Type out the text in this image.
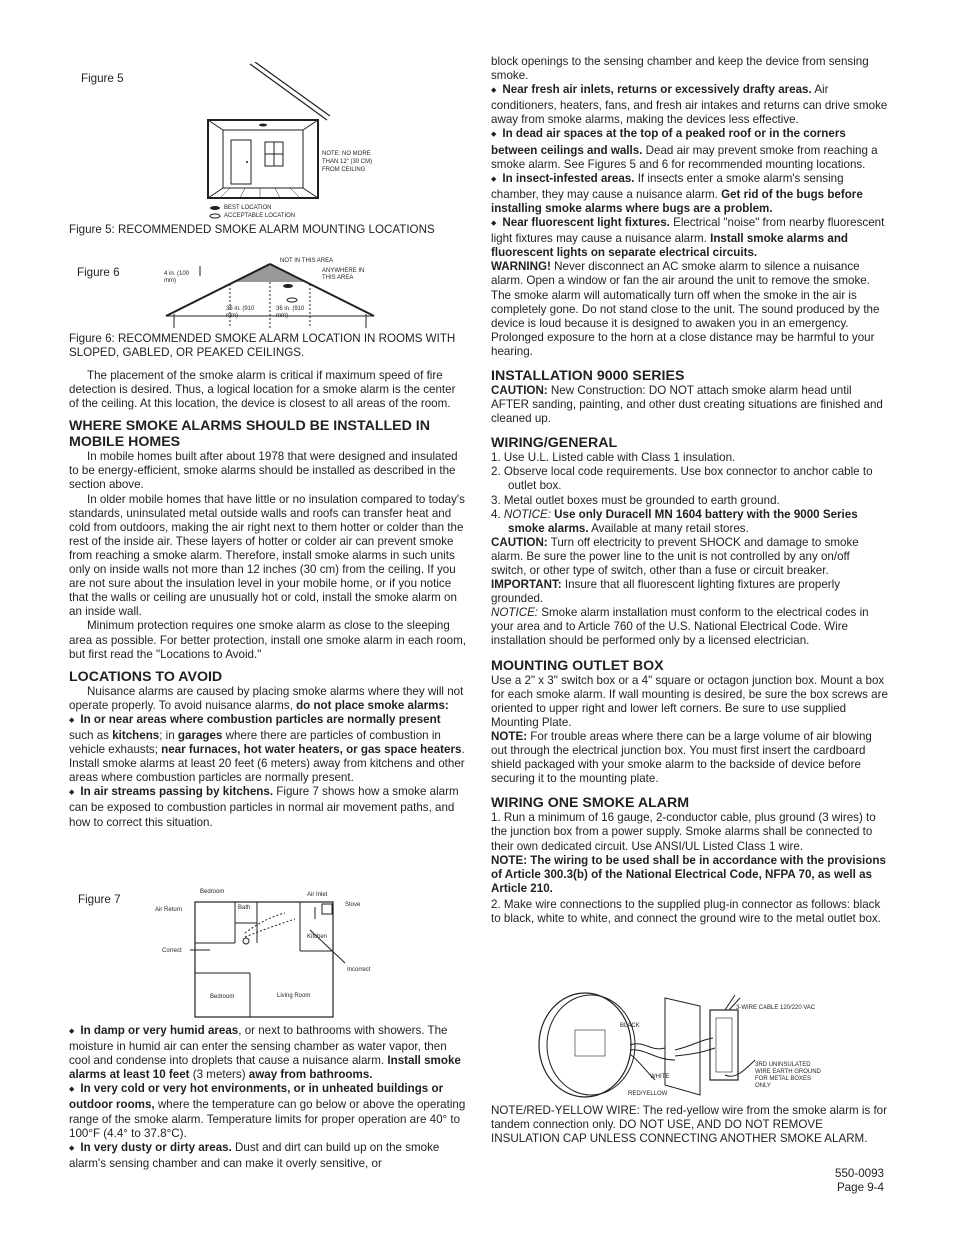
Figure 5
NOTE: NO MORE THAN 12" (30 CM) FROM CEILING
BEST LOCATION
ACCEPTABLE LOCATION
Figure 5: RECOMMENDED SMOKE ALARM MOUNTING LOCATIONS
Figure 6
NOT IN THIS AREA
ANYWHERE IN THIS AREA
4 in. (100 mm)
36 in. (910 mm)
36 in. (910 mm)
Figure 6: RECOMMENDED SMOKE ALARM LOCATION IN ROOMS WITH SLOPED, GABLED, OR PEAKED CEILINGS.

The placement of the smoke alarm is critical if maximum speed of fire detection is desired. Thus, a logical location for a smoke alarm is the center of the ceiling. At this location, the device is closest to all areas of the room.

WHERE SMOKE ALARMS SHOULD BE INSTALLED IN MOBILE HOMES

In mobile homes built after about 1978 that were designed and insulated to be energy-efficient, smoke alarms should be installed as described in the section above.

In older mobile homes that have little or no insulation compared to today's standards, uninsulated metal outside walls and roofs can transfer heat and cold from outdoors, making the air right next to them hotter or colder than the rest of the inside air. These layers of hotter or colder air can prevent smoke from reaching a smoke alarm. Therefore, install smoke alarms in such units only on inside walls not more than 12 inches (30 cm) from the ceiling. If you are not sure about the insulation level in your mobile home, or if you notice that the walls or ceiling are unusually hot or cold, install the smoke alarm on an inside wall.

Minimum protection requires one smoke alarm as close to the sleeping area as possible. For better protection, install one smoke alarm in each room, but first read the "Locations to Avoid."

LOCATIONS TO AVOID

Nuisance alarms are caused by placing smoke alarms where they will not operate properly. To avoid nuisance alarms, do not place smoke alarms:

◆ In or near areas where combustion particles are normally present such as kitchens; in garages where there are particles of combustion in vehicle exhausts; near furnaces, hot water heaters, or gas space heaters. Install smoke alarms at least 20 feet (6 meters) away from kitchens and other areas where combustion particles are normally present.

◆ In air streams passing by kitchens. Figure 7 shows how a smoke alarm can be exposed to combustion particles in normal air movement paths, and how to correct this situation.

Figure 7
Bedroom
Bath
Air Return
Air Inlet
Stove
Kitchen
Correct
Incorrect
Bedroom	Living Room

◆ In damp or very humid areas, or next to bathrooms with showers. The moisture in humid air can enter the sensing chamber as water vapor, then cool and condense into droplets that cause a nuisance alarm. Install smoke alarms at least 10 feet (3 meters) away from bathrooms.

◆ In very cold or very hot environments, or in unheated buildings or outdoor rooms, where the temperature can go below or above the operating range of the smoke alarm. Temperature limits for proper operation are 40° to 100°F (4.4° to 37.8°C).

◆ In very dusty or dirty areas. Dust and dirt can build up on the smoke alarm's sensing chamber and can make it overly sensitive, or

block openings to the sensing chamber and keep the device from sensing smoke.

◆ Near fresh air inlets, returns or excessively drafty areas. Air conditioners, heaters, fans, and fresh air intakes and returns can drive smoke away from smoke alarms, making the devices less effective.

◆ In dead air spaces at the top of a peaked roof or in the corners between ceilings and walls. Dead air may prevent smoke from reaching a smoke alarm. See Figures 5 and 6 for recommended mounting locations.

◆ In insect-infested areas. If insects enter a smoke alarm's sensing chamber, they may cause a nuisance alarm. Get rid of the bugs before installing smoke alarms where bugs are a problem.

◆ Near fluorescent light fixtures. Electrical "noise" from nearby fluorescent light fixtures may cause a nuisance alarm. Install smoke alarms and fluorescent lights on separate electrical circuits.

WARNING! Never disconnect an AC smoke alarm to silence a nuisance alarm. Open a window or fan the air around the unit to remove the smoke. The smoke alarm will automatically turn off when the smoke in the air is completely gone. Do not stand close to the unit. The sound produced by the device is loud because it is designed to awaken you in an emergency. Prolonged exposure to the horn at a close distance may be harmful to your hearing.

INSTALLATION 9000 SERIES

CAUTION: New Construction: DO NOT attach smoke alarm head until AFTER sanding, painting, and other dust creating situations are finished and cleaned up.

WIRING/GENERAL
1. Use U.L. Listed cable with Class 1 insulation.
2. Observe local code requirements. Use box connector to anchor cable to outlet box.
3. Metal outlet boxes must be grounded to earth ground.
4. NOTICE: Use only Duracell MN 1604 battery with the 9000 Series smoke alarms. Available at many retail stores.

CAUTION: Turn off electricity to prevent SHOCK and damage to smoke alarm. Be sure the power line to the unit is not controlled by any on/off switch, or other type of switch, other than a fuse or circuit breaker.

IMPORTANT: Insure that all fluorescent lighting fixtures are properly grounded.

NOTICE: Smoke alarm installation must conform to the electrical codes in your area and to Article 760 of the U.S. National Electrical Code. Wire installation should be performed only by a licensed electrician.

MOUNTING OUTLET BOX

Use a 2" x 3" switch box or a 4" square or octagon junction box. Mount a box for each smoke alarm. If wall mounting is desired, be sure the box screws are oriented to upper right and lower left corners. Be sure to use supplied Mounting Plate.

NOTE: For trouble areas where there can be a large volume of air blowing out through the electrical junction box. You must first insert the cardboard shield packaged with your smoke alarm to the backside of device before securing it to the mounting plate.

WIRING ONE SMOKE ALARM

1. Run a minimum of 16 gauge, 2-conductor cable, plus ground (3 wires) to the junction box from a power supply. Smoke alarms shall be connected to their own dedicated circuit. Use ANSI/UL Listed Class 1 wire.

NOTE: The wiring to be used shall be in accordance with the provisions of Article 300.3(b) of the National Electrical Code, NFPA 70, as well as Article 210.

2. Make wire connections to the supplied plug-in connector as follows: black to black, white to white, and connect the ground wire to the metal outlet box.

3-WIRE CABLE 120/220 VAC
BLACK
WHITE
RED/YELLOW
3RD UNINSULATED WIRE EARTH GROUND FOR METAL BOXES ONLY
NOTE/RED-YELLOW WIRE: The red-yellow wire from the smoke alarm is for tandem connection only. DO NOT USE, AND DO NOT REMOVE INSULATION CAP UNLESS CONNECTING ANOTHER SMOKE ALARM.
550-0093
Page 9-4
